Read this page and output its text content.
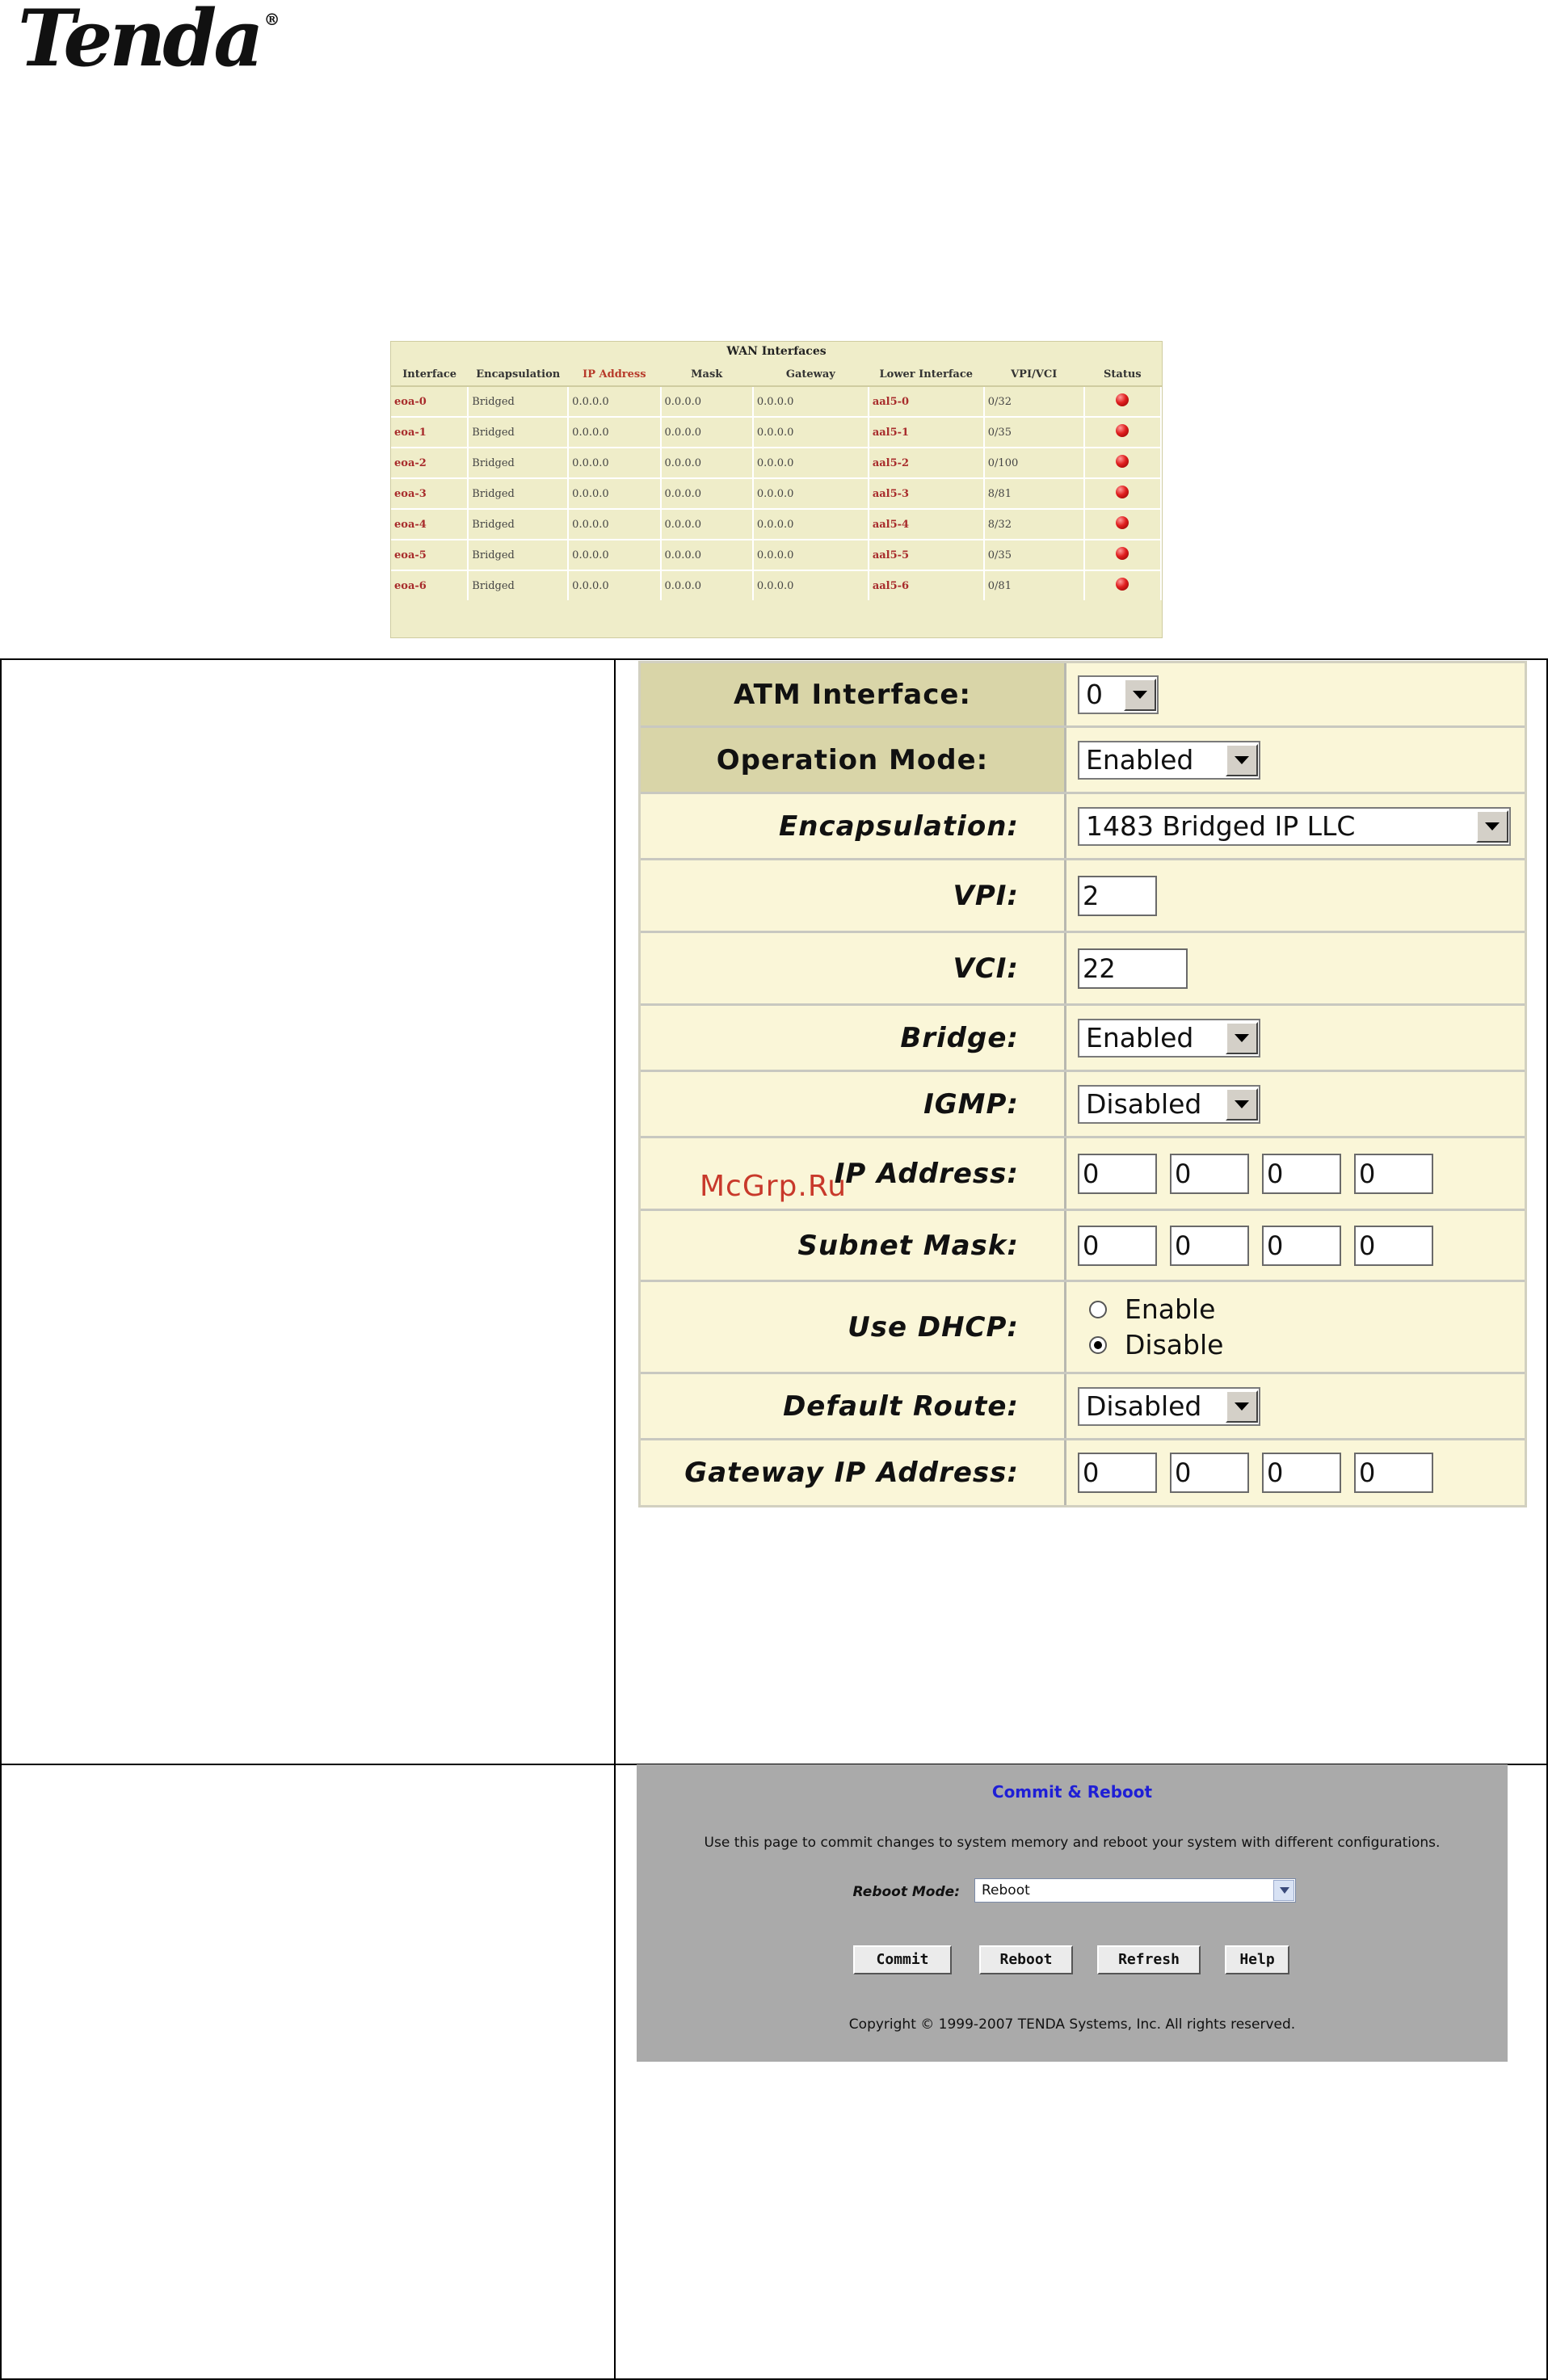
Tenda ®
WAN Interfaces
Interface	Encapsulation	IP Address	Mask	Gateway	Lower Interface	VPI/VCI	Status
eoa-0	Bridged	0.0.0.0	0.0.0.0	0.0.0.0	aal5-0	0/32	
eoa-1	Bridged	0.0.0.0	0.0.0.0	0.0.0.0	aal5-1	0/35	
eoa-2	Bridged	0.0.0.0	0.0.0.0	0.0.0.0	aal5-2	0/100	
eoa-3	Bridged	0.0.0.0	0.0.0.0	0.0.0.0	aal5-3	8/81	
eoa-4	Bridged	0.0.0.0	0.0.0.0	0.0.0.0	aal5-4	8/32	
eoa-5	Bridged	0.0.0.0	0.0.0.0	0.0.0.0	aal5-5	0/35	
eoa-6	Bridged	0.0.0.0	0.0.0.0	0.0.0.0	aal5-6	0/81	
ATM Interface:	0
Operation Mode:	Enabled
Encapsulation:	1483 Bridged IP LLC
VPI:	2
VCI:	22
Bridge:	Enabled
IGMP:	Disabled
IP Address:	0	0	0	0
Subnet Mask:	0	0	0	0
Use DHCP:
Enable
Disable
Default Route:	Disabled
Gateway IP Address:	0	0	0	0
McGrp.Ru
Commit & Reboot
Use this page to commit changes to system memory and reboot your system with different configurations.
Reboot Mode:	Reboot
Commit	Reboot	Refresh	Help
Copyright © 1999-2007 TENDA Systems, Inc. All rights reserved.
